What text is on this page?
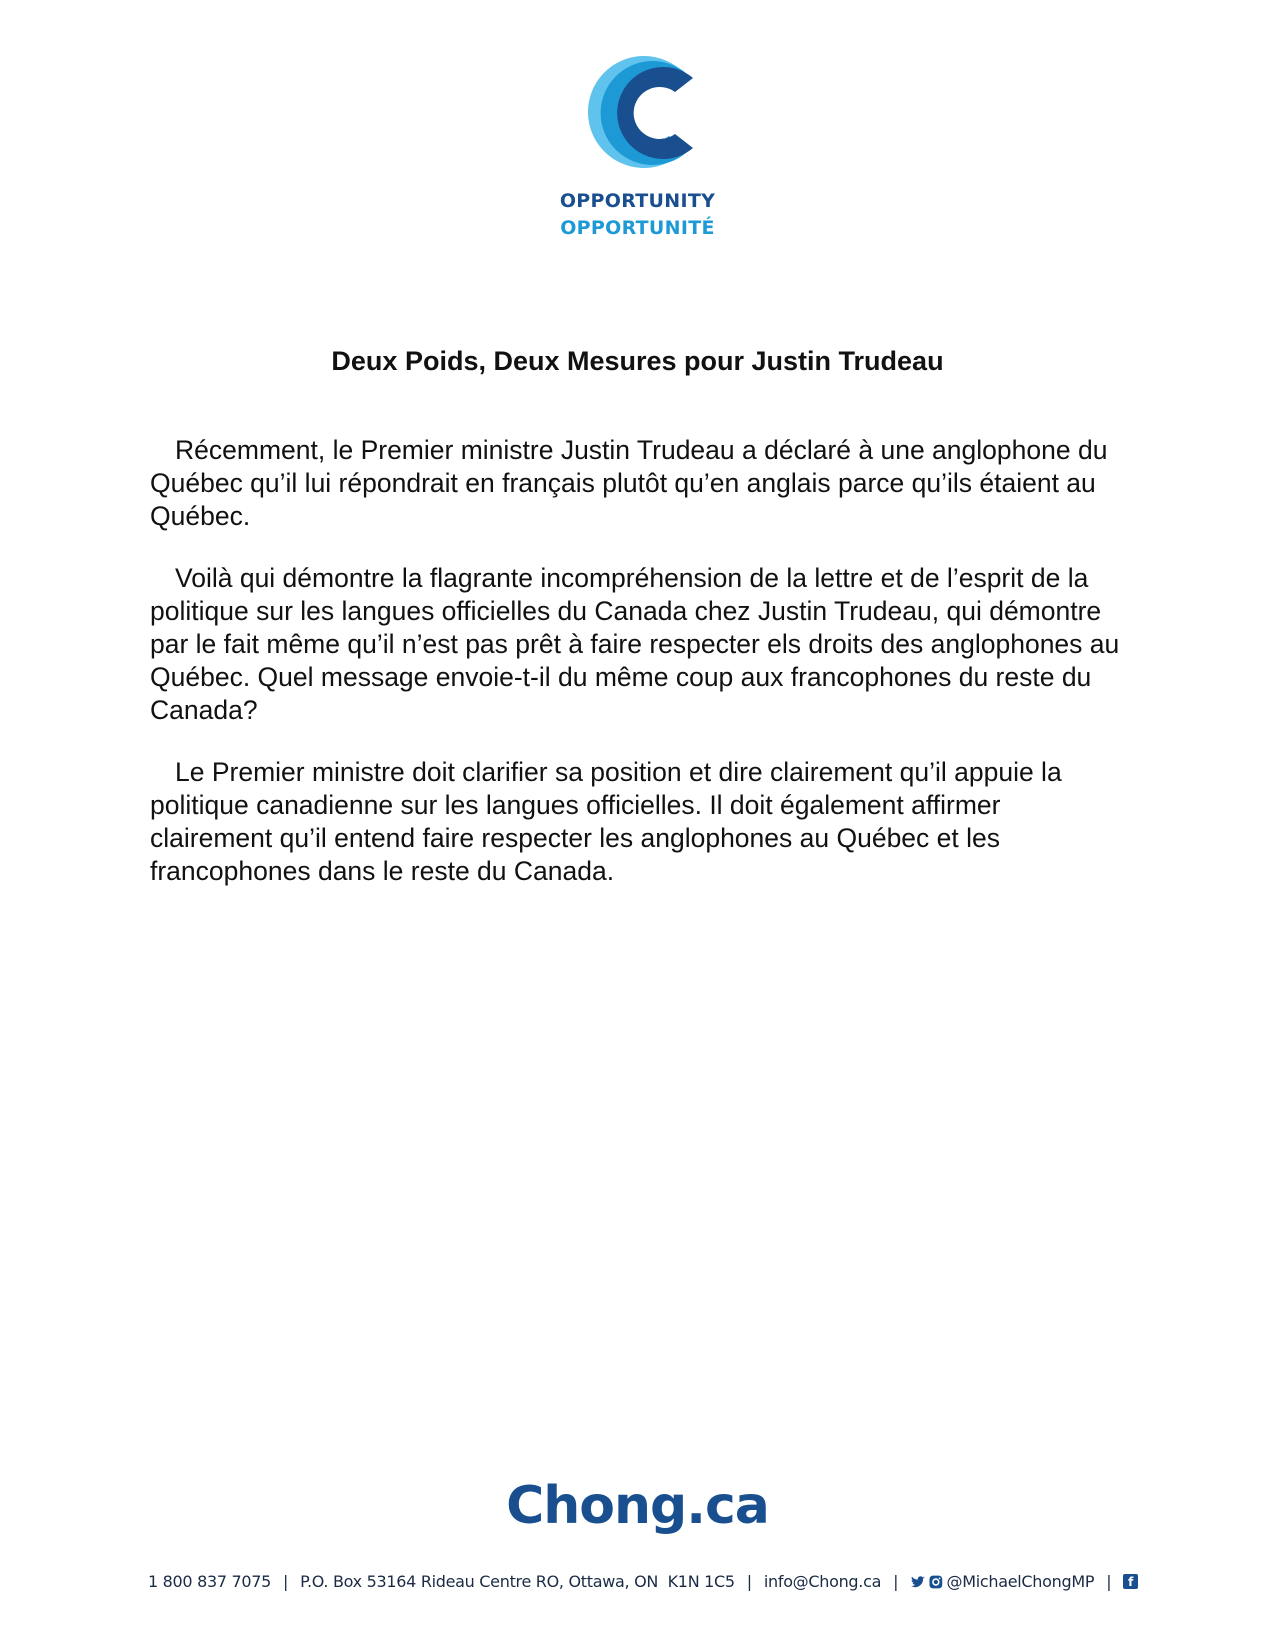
OPPORTUNITY
OPPORTUNITÉ
Deux Poids, Deux Mesures pour Justin Trudeau

Récemment, le Premier ministre Justin Trudeau a déclaré à une anglophone du Québec qu’il lui répondrait en français plutôt qu’en anglais parce qu’ils étaient au Québec.

Voilà qui démontre la flagrante incompréhension de la lettre et de l’esprit de la politique sur les langues officielles du Canada chez Justin Trudeau, qui démontre par le fait même qu’il n’est pas prêt à faire respecter els droits des anglophones au Québec. Quel message envoie-t-il du même coup aux francophones du reste du Canada?

Le Premier ministre doit clarifier sa position et dire clairement qu’il appuie la politique canadienne sur les langues officielles. Il doit également affirmer clairement qu’il entend faire respecter les anglophones au Québec et les francophones dans le reste du Canada.

Chong.ca
1 800 837 7075 | P.O. Box 53164 Rideau Centre RO, Ottawa, ON  K1N 1C5 | info@Chong.ca |	@MichaelChongMP |	f
